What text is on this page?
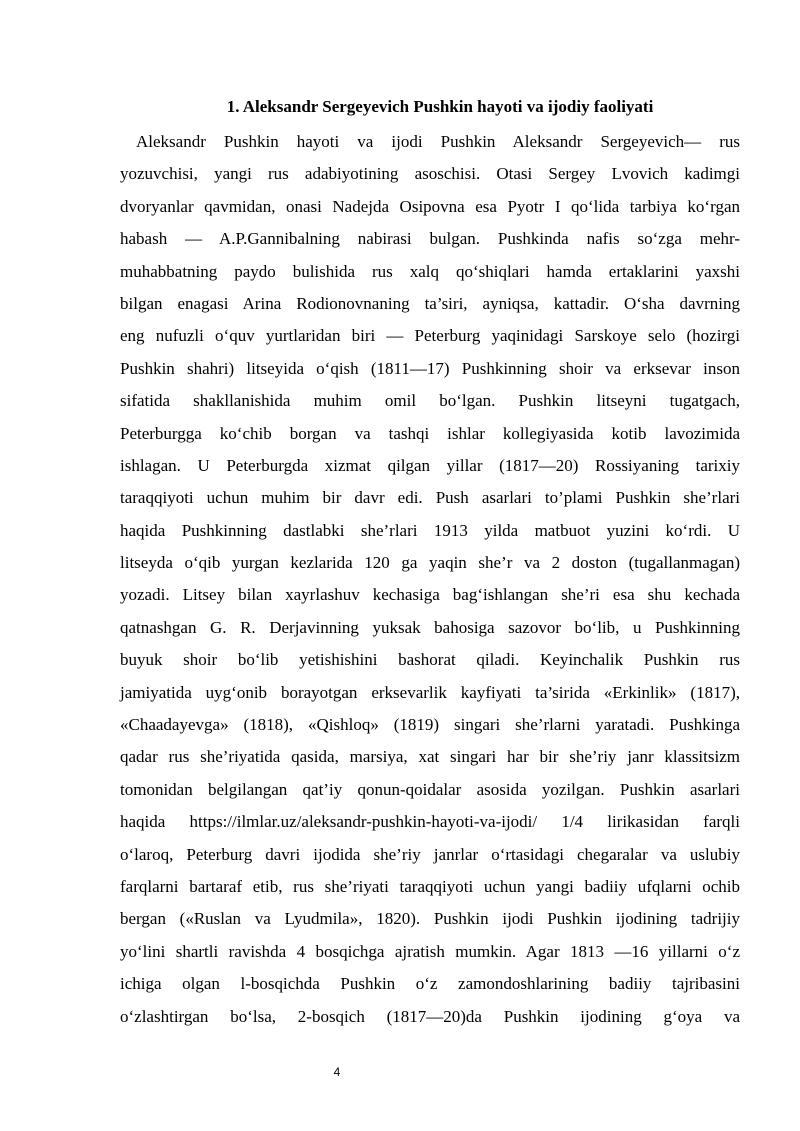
1. Aleksandr Sergeyevich Pushkin hayoti va ijodiy faoliyati
Aleksandr Pushkin hayoti va ijodi Pushkin Aleksandr Sergeyevich— rus
yozuvchisi, yangi rus adabiyotining asoschisi. Otasi Sergey Lvovich kadimgi
dvoryanlar qavmidan, onasi Nadejda Osipovna esa Pyotr I qo‘lida tarbiya ko‘rgan
habash — A.P.Gannibalning nabirasi bulgan. Pushkinda nafis so‘zga mehr-
muhabbatning paydo bulishida rus xalq qo‘shiqlari hamda ertaklarini yaxshi
bilgan enagasi Arina Rodionovnaning ta’siri, ayniqsa, kattadir. O‘sha davrning
eng nufuzli o‘quv yurtlaridan biri — Peterburg yaqinidagi Sarskoye selo (hozirgi
Pushkin shahri) litseyida o‘qish (1811—17) Pushkinning shoir va erksevar inson
sifatida shakllanishida muhim omil bo‘lgan. Pushkin litseyni tugatgach,
Peterburgga ko‘chib borgan va tashqi ishlar kollegiyasida kotib lavozimida
ishlagan. U Peterburgda xizmat qilgan yillar (1817—20) Rossiyaning tarixiy
taraqqiyoti uchun muhim bir davr edi. Push asarlari to’plami Pushkin she’rlari
haqida Pushkinning dastlabki she’rlari 1913 yilda matbuot yuzini ko‘rdi. U
litseyda o‘qib yurgan kezlarida 120 ga yaqin she’r va 2 doston (tugallanmagan)
yozadi. Litsey bilan xayrlashuv kechasiga bag‘ishlangan she’ri esa shu kechada
qatnashgan G. R. Derjavinning yuksak bahosiga sazovor bo‘lib, u Pushkinning
buyuk shoir bo‘lib yetishishini bashorat qiladi. Keyinchalik Pushkin rus
jamiyatida uyg‘onib borayotgan erksevarlik kayfiyati ta’sirida «Erkinlik» (1817),
«Chaadayevga» (1818), «Qishloq» (1819) singari she’rlarni yaratadi. Pushkinga
qadar rus she’riyatida qasida, marsiya, xat singari har bir she’riy janr klassitsizm
tomonidan belgilangan qat’iy qonun-qoidalar asosida yozilgan. Pushkin asarlari
haqida https://ilmlar.uz/aleksandr-pushkin-hayoti-va-ijodi/ 1/4 lirikasidan farqli
o‘laroq, Peterburg davri ijodida she’riy janrlar o‘rtasidagi chegaralar va uslubiy
farqlarni bartaraf etib, rus she’riyati taraqqiyoti uchun yangi badiiy ufqlarni ochib
bergan («Ruslan va Lyudmila», 1820). Pushkin ijodi Pushkin ijodining tadrijiy
yo‘lini shartli ravishda 4 bosqichga ajratish mumkin. Agar 1813 —16 yillarni o‘z
ichiga olgan l-bosqichda Pushkin o‘z zamondoshlarining badiiy tajribasini
o‘zlashtirgan bo‘lsa, 2-bosqich (1817—20)da Pushkin ijodining g‘oya va
4
